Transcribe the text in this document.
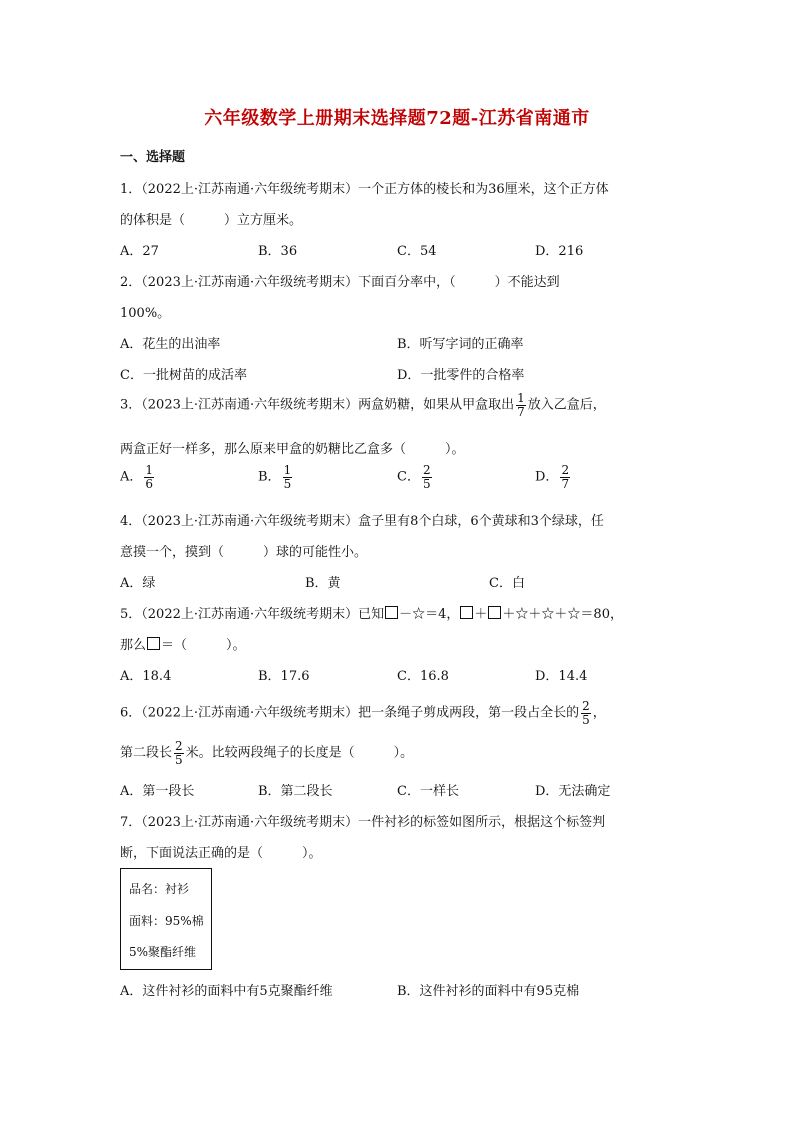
六年级数学上册期末选择题72题-江苏省南通市
一、选择题
1．（2022上·江苏南通·六年级统考期末）一个正方体的棱长和为36厘米，这个正方体
的体积是（　　　）立方厘米。
A．27	B．36	C．54	D．216
2．（2023上·江苏南通·六年级统考期末）下面百分率中，（　　　）不能达到
100%。
A．花生的出油率	B．听写字词的正确率
C．一批树苗的成活率	D．一批零件的合格率
3．（2023上·江苏南通·六年级统考期末）两盒奶糖，如果从甲盒取出 $\frac{1}{7}$ 放入乙盒后，
两盒正好一样多，那么原来甲盒的奶糖比乙盒多（　　　）。
A． $\frac{1}{6}$	B． $\frac{1}{5}$	C． $\frac{2}{5}$	D． $\frac{2}{7}$
4．（2023上·江苏南通·六年级统考期末）盒子里有8个白球，6个黄球和3个绿球，任
意摸一个，摸到（　　　）球的可能性小。
A．绿	B．黄	C．白
5．（2022上·江苏南通·六年级统考期末）已知 －☆＝4， ＋ ＋☆＋☆＋☆＝80，
那么 ＝（　　　）。
A．18.4	B．17.6	C．16.8	D．14.4
6．（2022上·江苏南通·六年级统考期末）把一条绳子剪成两段，第一段占全长的 $\frac{2}{5}$ ，
第二段长 $\frac{2}{5}$ 米。比较两段绳子的长度是（　　　）。
A．第一段长	B．第二段长	C．一样长	D．无法确定
7．（2023上·江苏南通·六年级统考期末）一件衬衫的标签如图所示，根据这个标签判
断，下面说法正确的是（　　　）。
品名：衬衫
面料：95%棉
5%聚酯纤维
A．这件衬衫的面料中有5克聚酯纤维	B．这件衬衫的面料中有95克棉
